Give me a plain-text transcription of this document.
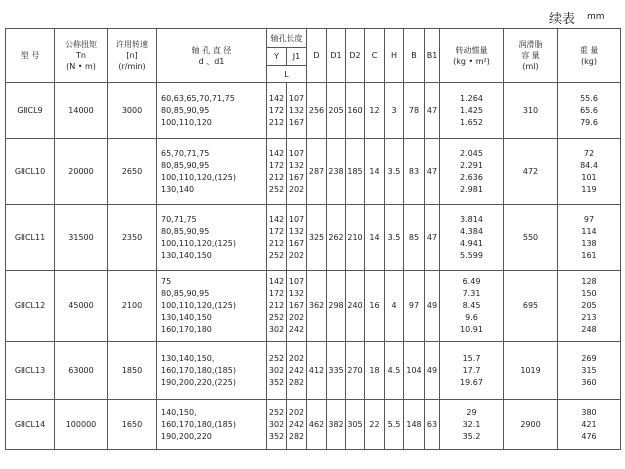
续表 mm
型 号	公称扭矩
Tn
(N • m)	许用转速
[n]
(r/min)	轴 孔 直 径
d 、d1	轴孔长度		D	D1	D2	C	H	B	B1	转动惯量
(kg • m²)	润滑脂
容 量
(ml)	重 量
(kg)

				Y	J1										
				L											
GⅡCL9	14000	3000	60,63,65,70,71,75
80,85,90,95
100,110,120	142
172
212	107
132
167	256	205	160	12	3	78	47	1.264
1.425
1.652	310	55.6
65.6
79.6

GⅡCL10	20000	2650	65,70,71,75
80,85,90,95
100,110,120,(125)
130,140	142
172
212
252	107
132
167
202	287	238	185	14	3.5	83	47	2.045
2.291
2.636
2.981	472	72
84.4
101
119

GⅡCL11	31500	2350	70,71,75
80,85,90,95
100,110,120,(125)
130,140,150	142
172
212
252	107
132
167
202	325	262	210	14	3.5	85	47	3.814
4.384
4.941
5.599	550	97
114
138
161

GⅡCL12	45000	2100	75
80,85,90,95
100,110,120,(125)
130,140,150
160,170,180	142
172
212
252
302	107
132
167
202
242	362	298	240	16	4	97	49	6.49
7.31
8.45
9.6
10.91	695	128
150
205
213
248

GⅡCL13	63000	1850	130,140,150,
160,170,180,(185)
190,200,220,(225)	252
302
352	202
242
282	412	335	270	18	4.5	104	49	15.7
17.7
19.67	1019	269
315
360

GⅡCL14	100000	1650	140,150,
160,170,180,(185)
190,200,220	252
302
352	202
242
282	462	382	305	22	5.5	148	63	29
32.1
35.2	2900	380
421
476
